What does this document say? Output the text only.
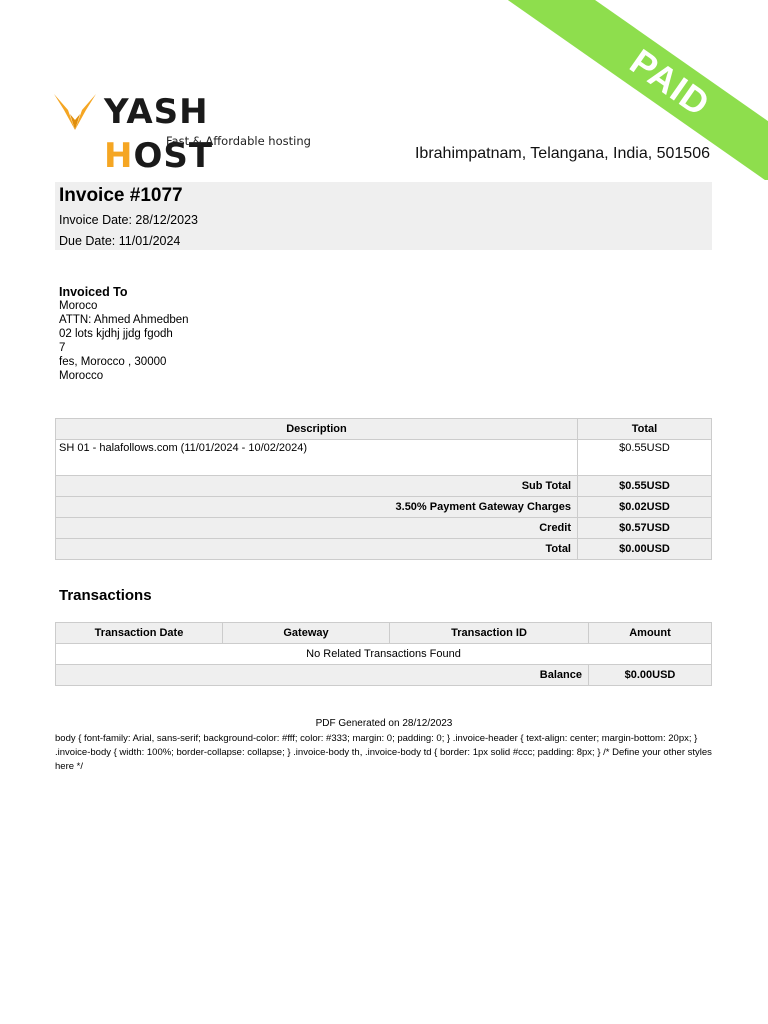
PAID
YASH HOST
Fast & Affordable hosting
Ibrahimpatnam, Telangana, India, 501506
Invoice #1077
Invoice Date: 28/12/2023
Due Date: 11/01/2024
Invoiced To
Moroco
ATTN: Ahmed Ahmedben
02 lots kjdhj jjdg fgodh
7
fes, Morocco , 30000
Morocco
Description	Total
SH 01 - halafollows.com (11/01/2024 - 10/02/2024)	$0.55USD
Sub Total	$0.55USD
3.50% Payment Gateway Charges	$0.02USD
Credit	$0.57USD
Total	$0.00USD
Transactions
Transaction Date	Gateway	Transaction ID	Amount
No Related Transactions Found			
Balance			$0.00USD
PDF Generated on 28/12/2023
body { font-family: Arial, sans-serif; background-color: #fff; color: #333; margin: 0; padding: 0; } .invoice-header { text-align: center; margin-bottom: 20px; } .invoice-body { width: 100%; border-collapse: collapse; } .invoice-body th, .invoice-body td { border: 1px solid #ccc; padding: 8px; } /* Define your other styles here */
